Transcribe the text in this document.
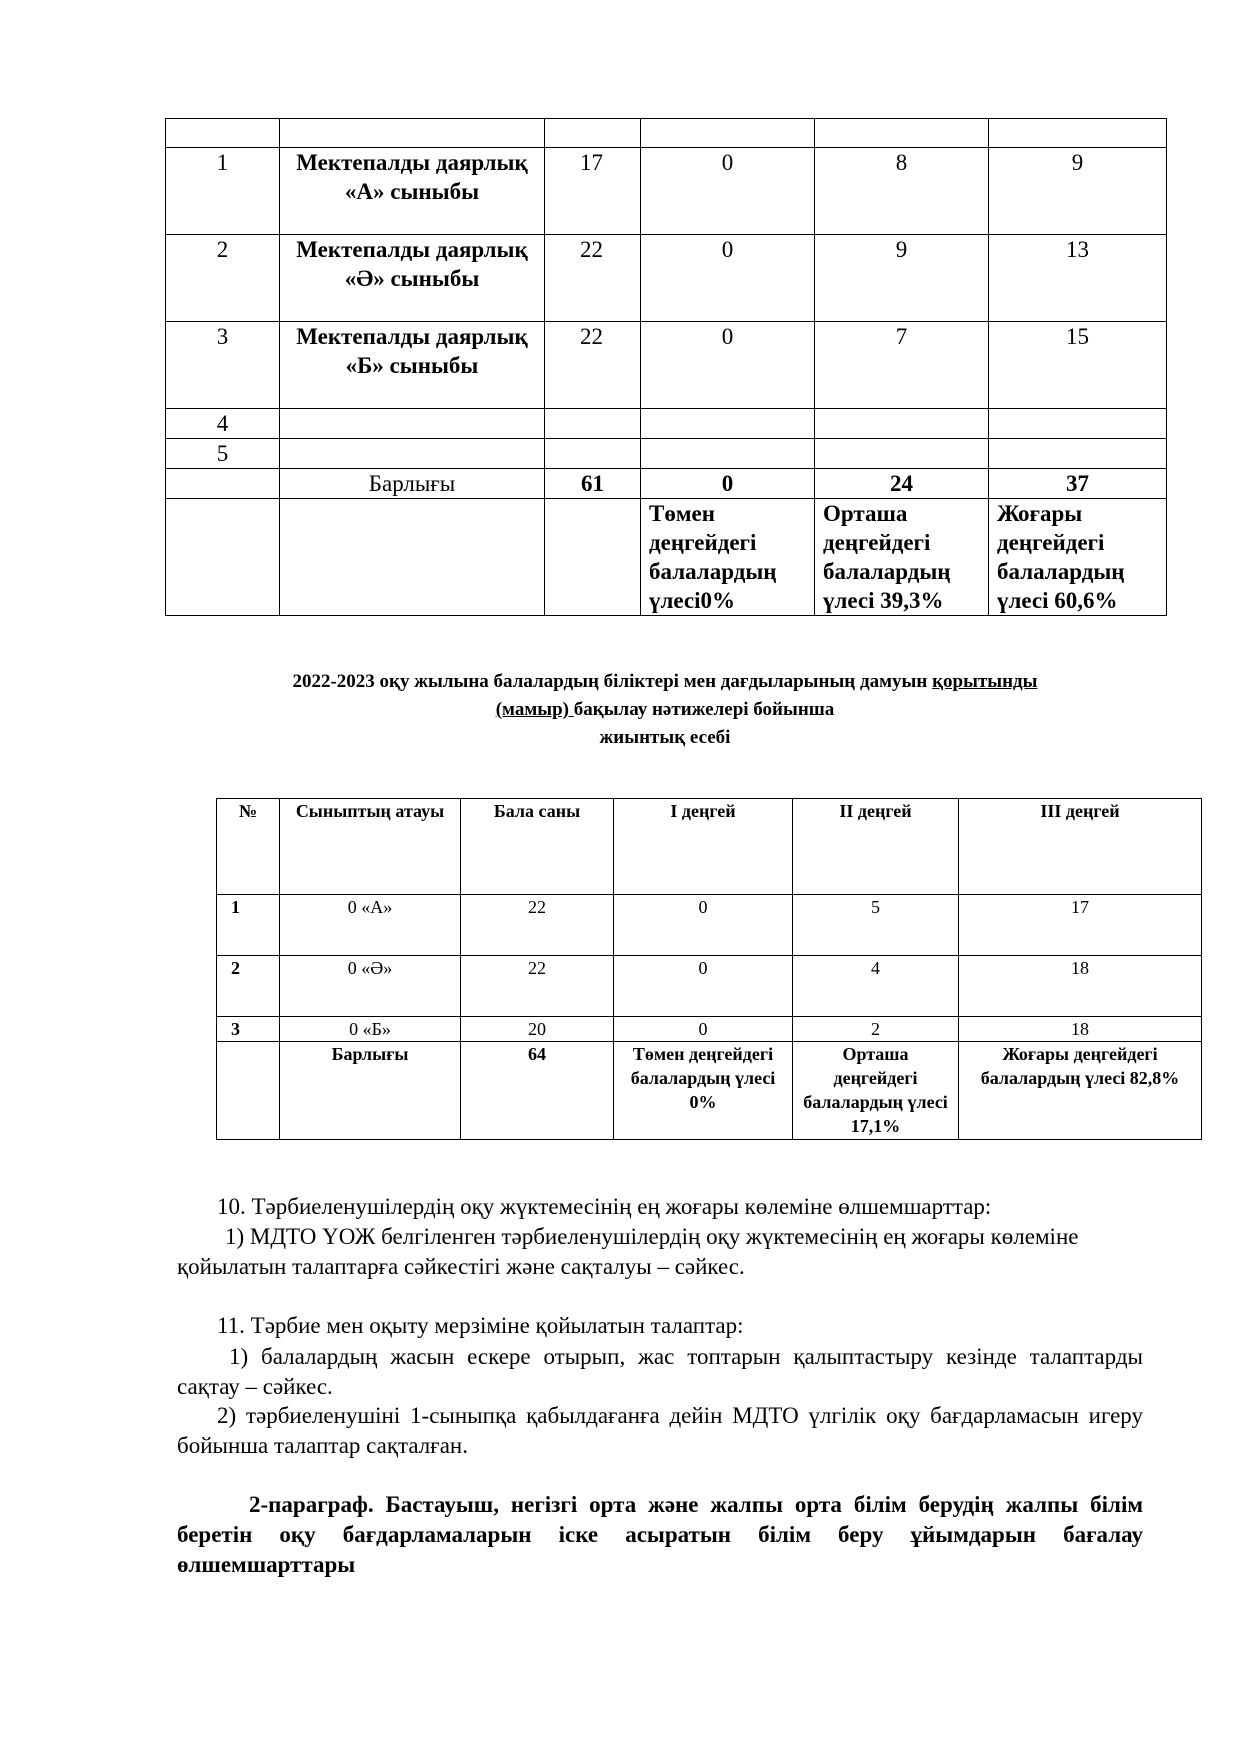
1	Мектепалды даярлық «А» сыныбы	17	0	8	9
2	Мектепалды даярлық «Ә» сыныбы	22	0	9	13
3	Мектепалды даярлық «Б» сыныбы	22	0	7	15
4					
5					
	Барлығы	61	0	24	37
			Төмен деңгейдегі балалардың үлесі0%	Орташа деңгейдегі балалардың үлесі 39,3%	Жоғары деңгейдегі балалардың үлесі 60,6%
2022-2023 оқу жылына балалардың біліктері мен дағдыларының дамуын қорытынды
(мамыр) бақылау нәтижелері бойынша
жиынтық есебі
№	Сыныптың атауы	Бала саны	І деңгей	ІІ деңгей	ІІІ деңгей
1	0 «А»	22	0	5	17
2	0 «Ә»	22	0	4	18
3	0 «Б»	20	0	2	18
	Барлығы	64	Төмен деңгейдегі балалардың үлесі 0%	Орташа деңгейдегі балалардың үлесі 17,1%	Жоғары деңгейдегі балалардың үлесі 82,8%
10. Тәрбиеленушілердің оқу жүктемесінің ең жоғары көлеміне өлшемшарттар:
1) МДТО ҮОЖ белгіленген тәрбиеленушілердің оқу жүктемесінің ең жоғары көлеміне қойылатын талаптарға сәйкестігі және сақталуы – сәйкес.
11. Тәрбие мен оқыту мерзіміне қойылатын талаптар:
1) балалардың жасын ескере отырып, жас топтарын қалыптастыру кезінде талаптарды сақтау – сәйкес.
2) тәрбиеленушіні 1-сыныпқа қабылдағанға дейін МДТО үлгілік оқу бағдарламасын игеру бойынша талаптар сақталған.
2-параграф. Бастауыш, негізгі орта және жалпы орта білім берудің жалпы білім беретін оқу бағдарламаларын іске асыратын білім беру ұйымдарын бағалау өлшемшарттары
